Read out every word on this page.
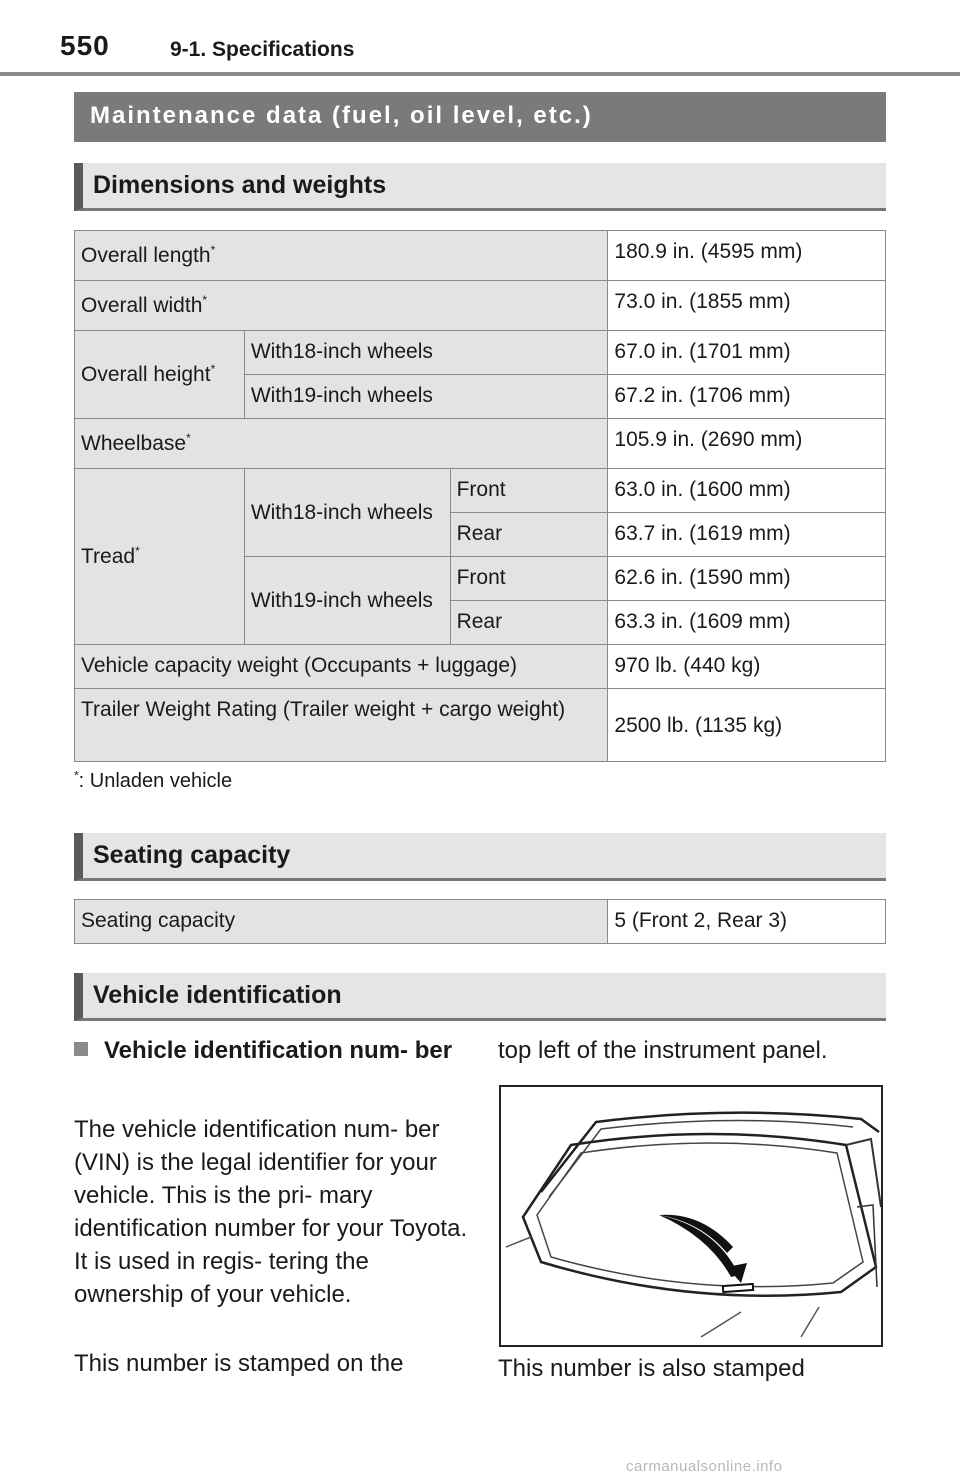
550	9-1. Specifications
Maintenance data (fuel, oil level, etc.)
Dimensions and weights
Overall length*			180.9 in. (4595 mm)
Overall width*			73.0 in. (1855 mm)
Overall height*	With18-inch wheels		67.0 in. (1701 mm)
	With19-inch wheels		67.2 in. (1706 mm)
Wheelbase*			105.9 in. (2690 mm)
Tread*	With18-inch wheels	Front	63.0 in. (1600 mm)
		Rear	63.7 in. (1619 mm)
	With19-inch wheels	Front	62.6 in. (1590 mm)
		Rear	63.3 in. (1609 mm)
Vehicle capacity weight (Occupants + luggage)			970 lb. (440 kg)
Trailer Weight Rating (Trailer weight + cargo weight)			2500 lb. (1135 kg)
*: Unladen vehicle
Seating capacity
Seating capacity	5 (Front 2, Rear 3)
Vehicle identification
Vehicle identification num- ber
The vehicle identification num- ber (VIN) is the legal identifier for your vehicle. This is the pri- mary identification number for your Toyota. It is used in regis- tering the ownership of your vehicle.
This number is stamped on the
top left of the instrument panel.
This number is also stamped
carmanualsonline.info
